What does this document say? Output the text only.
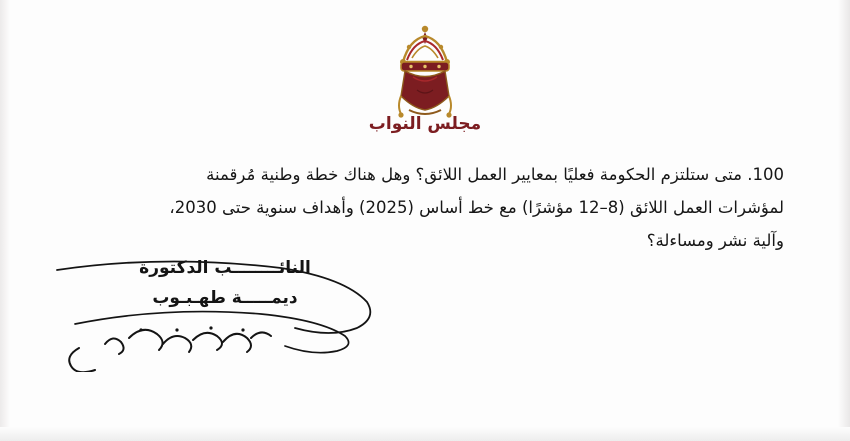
مجلس النواب

100. متى ستلتزم الحكومة فعليًا بمعايير العمل اللائق؟ وهل هناك خطة وطنية مُرقمنة

لمؤشرات العمل اللائق (8–12 مؤشرًا) مع خط أساس (2025) وأهداف سنوية حتى 2030،

وآلية نشر ومساءلة؟

النائــــــــب الدكتورة
ديمـــــة طهـبـوب
